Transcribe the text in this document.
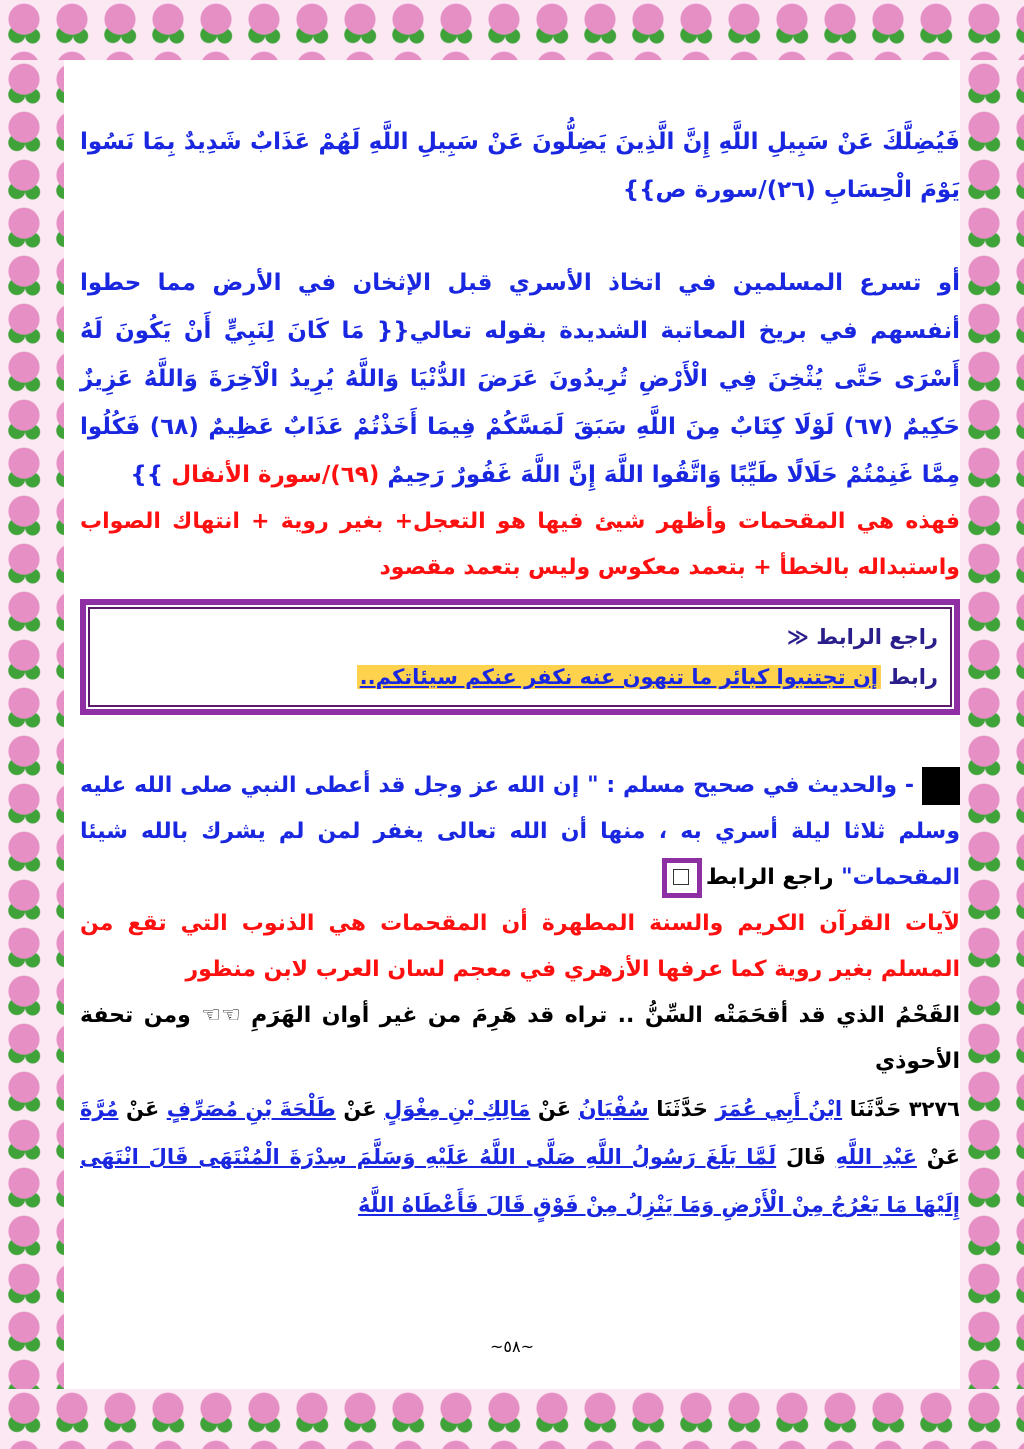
فَيُضِلَّكَ عَنْ سَبِيلِ اللَّهِ إِنَّ الَّذِينَ يَضِلُّونَ عَنْ سَبِيلِ اللَّهِ لَهُمْ عَذَابٌ شَدِيدٌ بِمَا نَسُوا يَوْمَ الْحِسَابِ (٢٦)/سورة ص}}

أو تسرع المسلمين في اتخاذ الأسري قبل الإثخان في الأرض مما حطوا أنفسهم في بريخ المعاتبة الشديدة بقوله تعالي{{ مَا كَانَ لِنَبِيٍّ أَنْ يَكُونَ لَهُ أَسْرَى حَتَّى يُثْخِنَ فِي الْأَرْضِ تُرِيدُونَ عَرَضَ الدُّنْيَا وَاللَّهُ يُرِيدُ الْآخِرَةَ وَاللَّهُ عَزِيزٌ حَكِيمٌ (٦٧) لَوْلَا كِتَابٌ مِنَ اللَّهِ سَبَقَ لَمَسَّكُمْ فِيمَا أَخَذْتُمْ عَذَابٌ عَظِيمٌ (٦٨) فَكُلُوا مِمَّا غَنِمْتُمْ حَلَالًا طَيِّبًا وَاتَّقُوا اللَّهَ إِنَّ اللَّهَ غَفُورٌ رَحِيمٌ (٦٩)/سورة الأنفال }}

فهذه هي المقحمات وأظهر شيئ فيها هو التعجل+ بغير روية + انتهاك الصواب واستبداله بالخطأ + بتعمد معكوس وليس بتعمد مقصود

راجع الرابط ≪
رابط إن تجتنبوا كبائر ما تنهون عنه نكفر عنكم سيئاتكم..

- والحديث في صحيح مسلم : " إن الله عز وجل قد أعطى النبي صلى الله عليه وسلم ثلاثا ليلة أسري به ، منها أن الله تعالى يغفر لمن لم يشرك بالله شيئا المقحمات" راجع الرابط

لآيات القرآن الكريم والسنة المطهرة أن المقحمات هي الذنوب التي تقع من المسلم بغير روية كما عرفها الأزهري في معجم لسان العرب لابن منظور

القَحْمُ الذي قد أقحَمَتْه السِّنُّ .. تراه قد هَرِمَ من غير أوان الهَرَمِ ☜☜ ومن تحفة الأحوذي

٣٢٧٦ حَدَّثَنَا ابْنُ أَبِي عُمَرَ حَدَّثَنَا سُفْيَانُ عَنْ مَالِكِ بْنِ مِغْوَلٍ عَنْ طَلْحَةَ بْنِ مُصَرِّفٍ عَنْ مُرَّةَ عَنْ عَبْدِ اللَّهِ قَالَ لَمَّا بَلَغَ رَسُولُ اللَّهِ صَلَّى اللَّهُ عَلَيْهِ وَسَلَّمَ سِدْرَةَ الْمُنْتَهَى قَالَ انْتَهَى إِلَيْهَا مَا يَعْرُجُ مِنْ الْأَرْضِ وَمَا يَنْزِلُ مِنْ فَوْقٍ قَالَ فَأَعْطَاهُ اللَّهُ

~٥٨~
